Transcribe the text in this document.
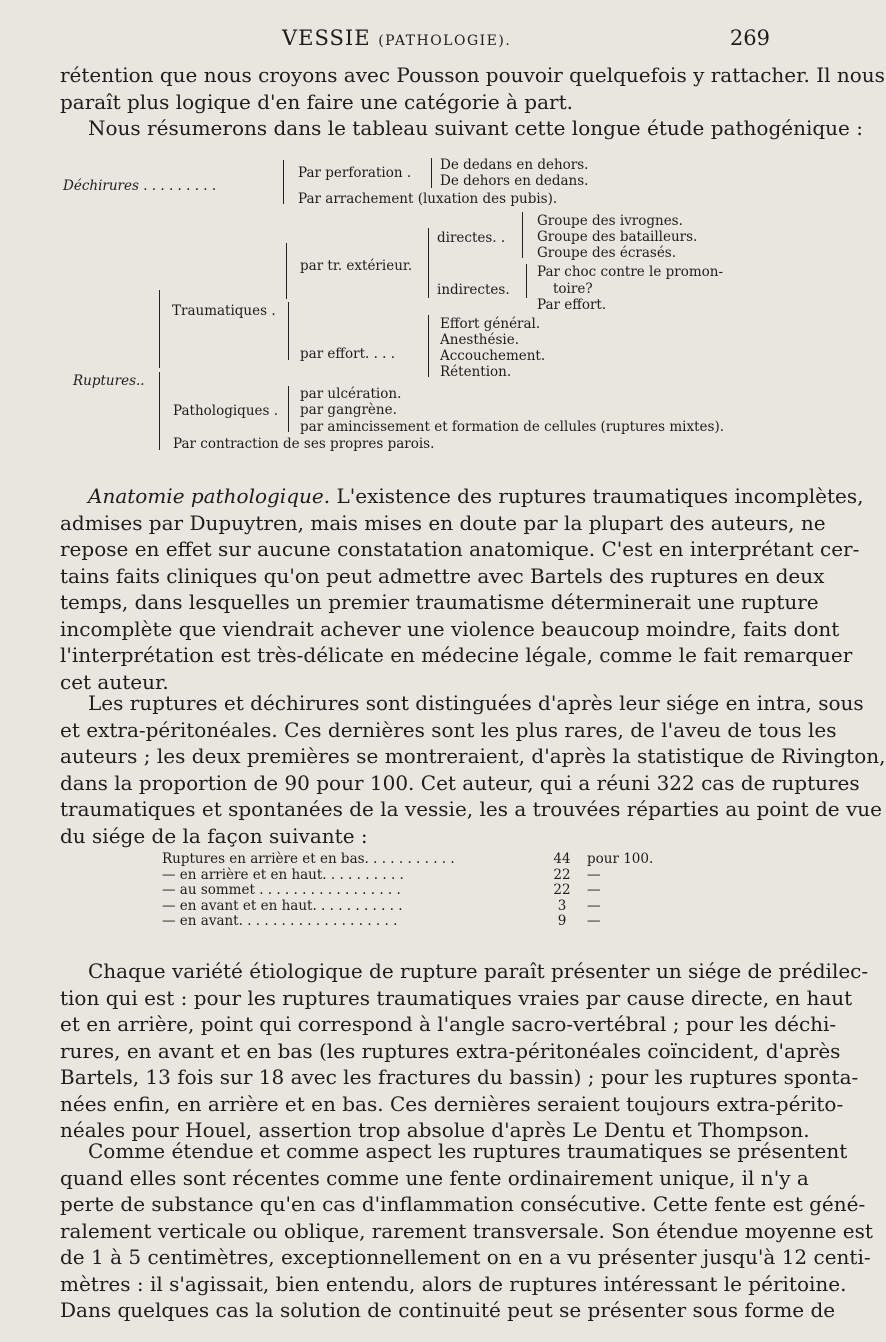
VESSIE (PATHOLOGIE).	269
rétention que nous croyons avec Pousson pouvoir quelquefois y rattacher. Il nous
paraît plus logique d'en faire une catégorie à part.
Nous résumerons dans le tableau suivant cette longue étude pathogénique :
Déchirures . . . . . . . . .
Par perforation . De dedans en dehors.
De dehors en dedans.
Par arrachement (luxation des pubis).
Groupe des ivrognes.
directes. . Groupe des batailleurs.
Groupe des écrasés.
par tr. extérieur.	Par choc contre le promon-
indirectes.	toire?
Par effort.
Traumatiques .
Effort général.
Anesthésie.
par effort. . . .	Accouchement.
Rétention.
Ruptures..
par ulcération.
Pathologiques . par gangrène.
par amincissement et formation de cellules (ruptures mixtes).
Par contraction de ses propres parois.
Anatomie pathologique. L'existence des ruptures traumatiques incomplètes,
admises par Dupuytren, mais mises en doute par la plupart des auteurs, ne
repose en effet sur aucune constatation anatomique. C'est en interprétant cer-
tains faits cliniques qu'on peut admettre avec Bartels des ruptures en deux
temps, dans lesquelles un premier traumatisme déterminerait une rupture
incomplète que viendrait achever une violence beaucoup moindre, faits dont
l'interprétation est très-délicate en médecine légale, comme le fait remarquer
cet auteur.
Les ruptures et déchirures sont distinguées d'après leur siége en intra, sous
et extra-péritonéales. Ces dernières sont les plus rares, de l'aveu de tous les
auteurs ; les deux premières se montreraient, d'après la statistique de Rivington,
dans la proportion de 90 pour 100. Cet auteur, qui a réuni 322 cas de ruptures
traumatiques et spontanées de la vessie, les a trouvées réparties au point de vue
du siége de la façon suivante :
Ruptures en arrière et en bas. . . . . . . . . . .	44 pour 100.
— en arrière et en haut. . . . . . . . . .	22 —
— au sommet . . . . . . . . . . . . . . . . .	22 —
— en avant et en haut. . . . . . . . . . .	3	—
— en avant. . . . . . . . . . . . . . . . . . .	9	—
Chaque variété étiologique de rupture paraît présenter un siége de prédilec-
tion qui est : pour les ruptures traumatiques vraies par cause directe, en haut
et en arrière, point qui correspond à l'angle sacro-vertébral ; pour les déchi-
rures, en avant et en bas (les ruptures extra-péritonéales coïncident, d'après
Bartels, 13 fois sur 18 avec les fractures du bassin) ; pour les ruptures sponta-
nées enfin, en arrière et en bas. Ces dernières seraient toujours extra-périto-
néales pour Houel, assertion trop absolue d'après Le Dentu et Thompson.
Comme étendue et comme aspect les ruptures traumatiques se présentent
quand elles sont récentes comme une fente ordinairement unique, il n'y a
perte de substance qu'en cas d'inflammation consécutive. Cette fente est géné-
ralement verticale ou oblique, rarement transversale. Son étendue moyenne est
de 1 à 5 centimètres, exceptionnellement on en a vu présenter jusqu'à 12 centi-
mètres : il s'agissait, bien entendu, alors de ruptures intéressant le péritoine.
Dans quelques cas la solution de continuité peut se présenter sous forme de
